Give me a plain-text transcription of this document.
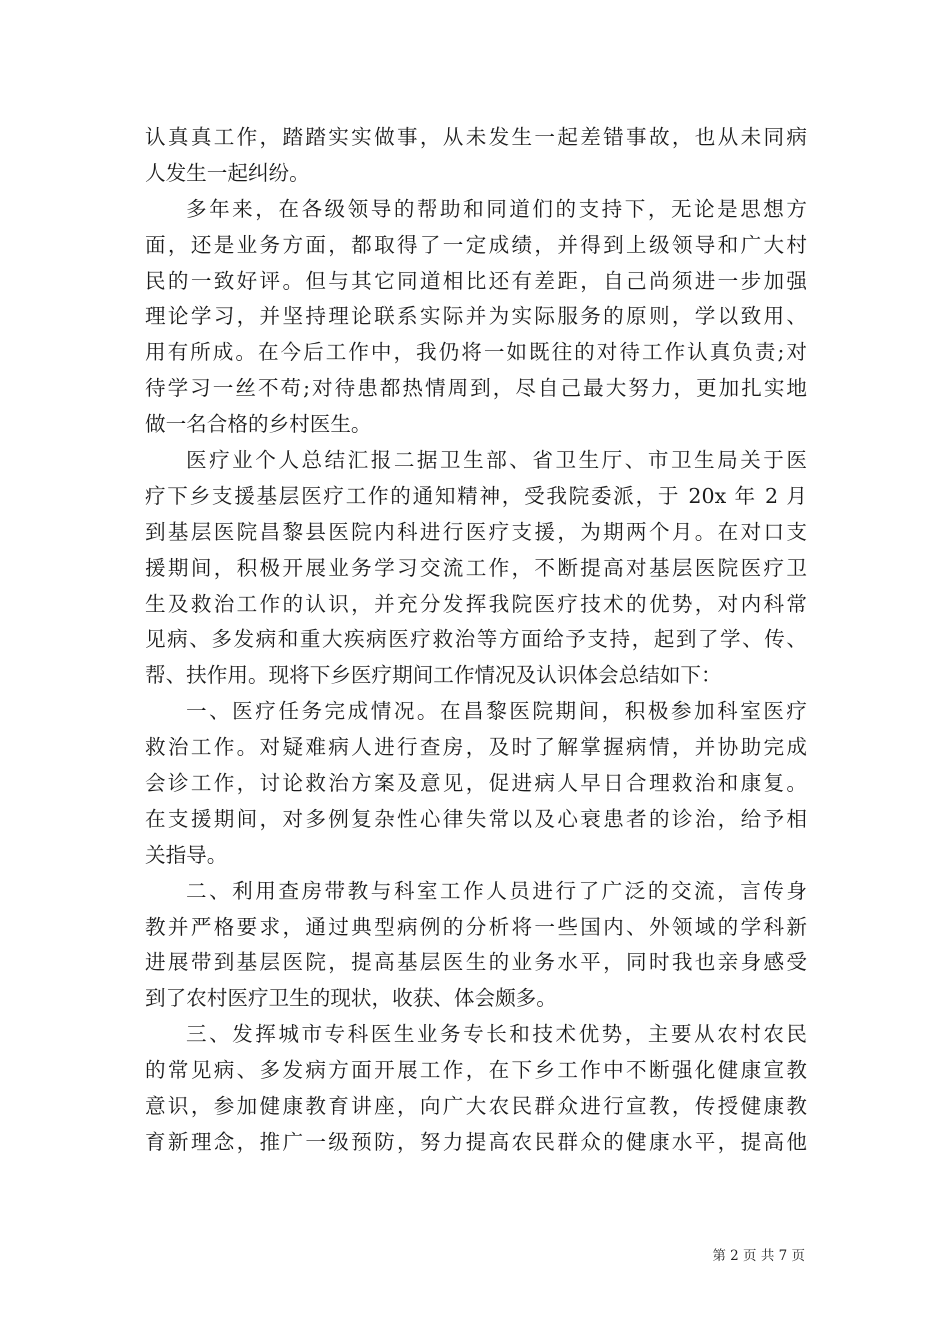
认真真工作，踏踏实实做事，从未发生一起差错事故，也从未同病
人发生一起纠纷。
多年来，在各级领导的帮助和同道们的支持下，无论是思想方
面，还是业务方面，都取得了一定成绩，并得到上级领导和广大村
民的一致好评。但与其它同道相比还有差距，自己尚须进一步加强
理论学习，并坚持理论联系实际并为实际服务的原则，学以致用、
用有所成。在今后工作中，我仍将一如既往的对待工作认真负责;对
待学习一丝不苟;对待患都热情周到，尽自己最大努力，更加扎实地
做一名合格的乡村医生。
医疗业个人总结汇报二据卫生部、省卫生厅、市卫生局关于医
疗下乡支援基层医疗工作的通知精神，受我院委派，于 20x 年 2 月
到基层医院昌黎县医院内科进行医疗支援，为期两个月。在对口支
援期间，积极开展业务学习交流工作，不断提高对基层医院医疗卫
生及救治工作的认识，并充分发挥我院医疗技术的优势，对内科常
见病、多发病和重大疾病医疗救治等方面给予支持，起到了学、传、
帮、扶作用。现将下乡医疗期间工作情况及认识体会总结如下：
一、医疗任务完成情况。在昌黎医院期间，积极参加科室医疗
救治工作。对疑难病人进行查房，及时了解掌握病情，并协助完成
会诊工作，讨论救治方案及意见，促进病人早日合理救治和康复。
在支援期间，对多例复杂性心律失常以及心衰患者的诊治，给予相
关指导。
二、利用查房带教与科室工作人员进行了广泛的交流，言传身
教并严格要求，通过典型病例的分析将一些国内、外领域的学科新
进展带到基层医院，提高基层医生的业务水平，同时我也亲身感受
到了农村医疗卫生的现状，收获、体会颇多。
三、发挥城市专科医生业务专长和技术优势，主要从农村农民
的常见病、多发病方面开展工作，在下乡工作中不断强化健康宣教
意识，参加健康教育讲座，向广大农民群众进行宣教，传授健康教
育新理念，推广一级预防，努力提高农民群众的健康水平，提高他
第 2 页 共 7 页
